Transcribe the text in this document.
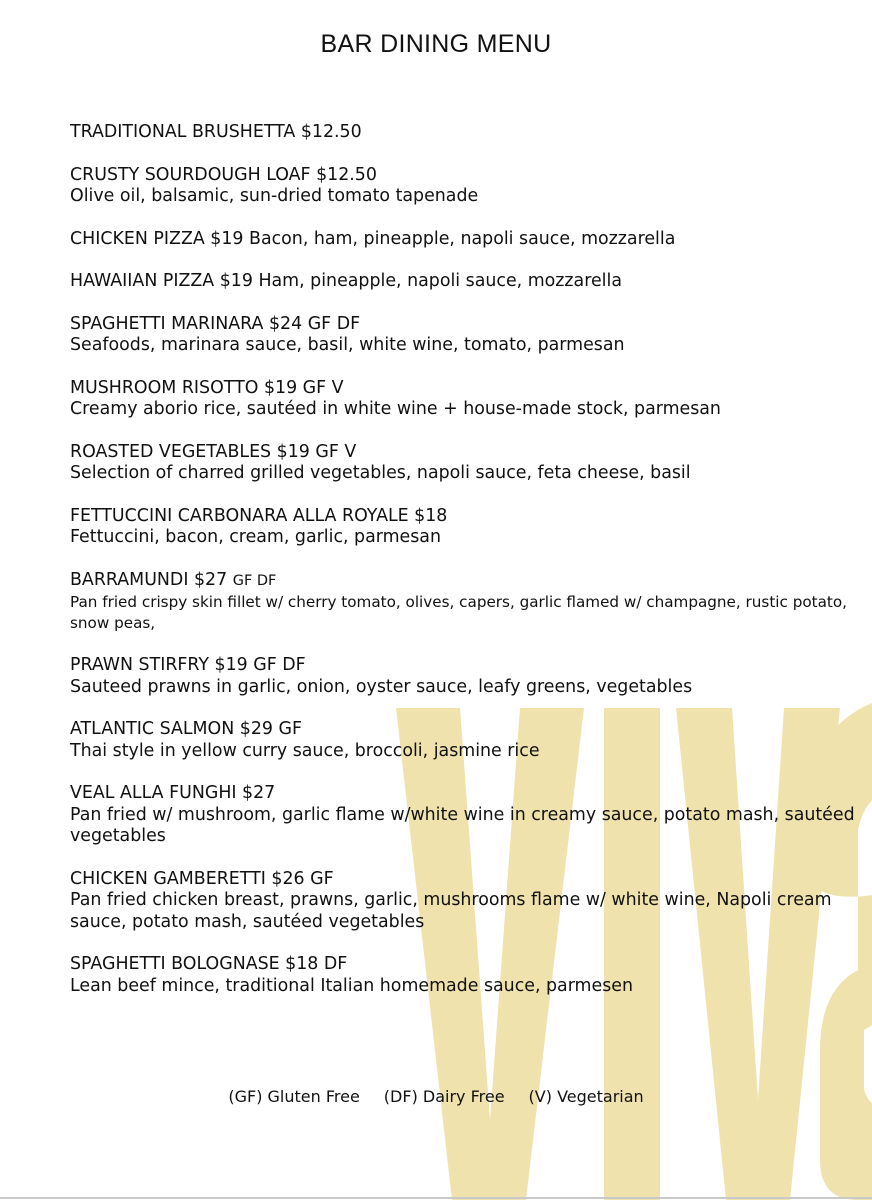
BAR DINING MENU
TRADITIONAL BRUSHETTA $12.50
CRUSTY SOURDOUGH LOAF $12.50
Olive oil, balsamic, sun-dried tomato tapenade
CHICKEN PIZZA $19 Bacon, ham, pineapple, napoli sauce, mozzarella
HAWAIIAN PIZZA $19 Ham, pineapple, napoli sauce, mozzarella
SPAGHETTI MARINARA $24 GF DF
Seafoods, marinara sauce, basil, white wine, tomato, parmesan
MUSHROOM RISOTTO $19 GF V
Creamy aborio rice, sautéed in white wine + house-made stock, parmesan
ROASTED VEGETABLES $19 GF V
Selection of charred grilled vegetables, napoli sauce, feta cheese, basil
FETTUCCINI CARBONARA ALLA ROYALE $18
Fettuccini, bacon, cream, garlic, parmesan
BARRAMUNDI $27 GF DF
Pan fried crispy skin fillet w/ cherry tomato, olives, capers, garlic flamed w/ champagne, rustic potato, snow peas,
PRAWN STIRFRY $19 GF DF
Sauteed prawns in garlic, onion, oyster sauce, leafy greens, vegetables
ATLANTIC SALMON $29 GF
Thai style in yellow curry sauce, broccoli, jasmine rice
VEAL ALLA FUNGHI $27
Pan fried w/ mushroom, garlic flame w/white wine in creamy sauce, potato mash, sautéed vegetables
CHICKEN GAMBERETTI $26 GF
Pan fried chicken breast, prawns, garlic, mushrooms flame w/ white wine, Napoli cream sauce, potato mash, sautéed vegetables
SPAGHETTI BOLOGNASE $18 DF
Lean beef mince, traditional Italian homemade sauce, parmesen
(GF) Gluten Free (DF) Dairy Free (V) Vegetarian
